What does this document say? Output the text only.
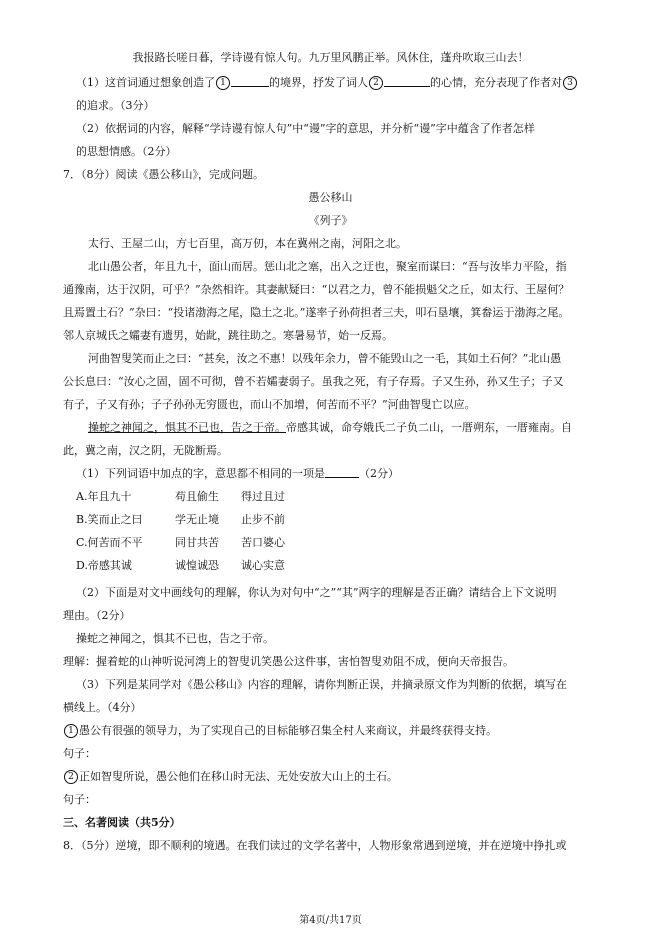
我报路长嗟日暮，学诗谩有惊人句。九万里风鹏正举。风休住，蓬舟吹取三山去！
（1）这首词通过想象创造了 1	的境界，抒发了词人 2	的心情，充分表现了作者对 3
的追求。（3分）
（2）依据词的内容，解释“学诗谩有惊人句”中“谩”字的意思，并分析“谩”字中蕴含了作者怎样
的思想情感。（2分）
7．（8分）阅读《愚公移山》，完成问题。
愚公移山
《列子》
太行、王屋二山，方七百里，高万仞，本在冀州之南，河阳之北。
北山愚公者，年且九十，面山而居。惩山北之塞，出入之迂也，聚室而谋曰：“吾与汝毕力平险，指
通豫南，达于汉阴，可乎？”杂然相许。其妻献疑曰：“以君之力，曾不能损魁父之丘，如太行、王屋何？
且焉置土石？”杂曰：“投诸渤海之尾，隐土之北。”遂率子孙荷担者三夫，叩石垦壤，箕畚运于渤海之尾。
邻人京城氏之孀妻有遗男，始龀，跳往助之。寒暑易节，始一反焉。
河曲智叟笑而止之曰：“甚矣，汝之不惠！以残年余力，曾不能毁山之一毛，其如土石何？”北山愚
公长息曰：“汝心之固，固不可彻，曾不若孀妻弱子。虽我之死，有子存焉。子又生孙，孙又生子；子又
有子，子又有孙；子子孙孙无穷匮也，而山不加增，何苦而不平？”河曲智叟亡以应。
操蛇之神闻之，惧其不已也，告之于帝。帝感其诚，命夸娥氏二子负二山，一厝朔东，一厝雍南。自
此，冀之南，汉之阴，无陇断焉。
（1）下列词语中加点的字，意思都不相同的一项是	（2分）
A.年且九十	苟且偷生 得过且过
B.笑而止之曰	学无止境 止步不前
C.何苦而不平	同甘共苦 苦口婆心
D.帝感其诚	诚惶诚恐 诚心实意
（2）下面是对文中画线句的理解，你认为对句中“之”“其”两字的理解是否正确？请结合上下文说明
理由。（2分）
操蛇之神闻之，惧其不已也，告之于帝。
理解：握着蛇的山神听说河湾上的智叟讥笑愚公这件事，害怕智叟劝阻不成，便向天帝报告。
（3）下列是某同学对《愚公移山》内容的理解，请你判断正误，并摘录原文作为判断的依据，填写在
横线上。（4分）
1 愚公有很强的领导力，为了实现自己的目标能够召集全村人来商议，并最终获得支持。
句子：
2 正如智叟所说，愚公他们在移山时无法、无处安放大山上的土石。
句子：
三、名著阅读（共5分）
8．（5分）逆境，即不顺利的境遇。在我们读过的文学名著中，人物形象常遇到逆境，并在逆境中挣扎或
第4页/共17页
